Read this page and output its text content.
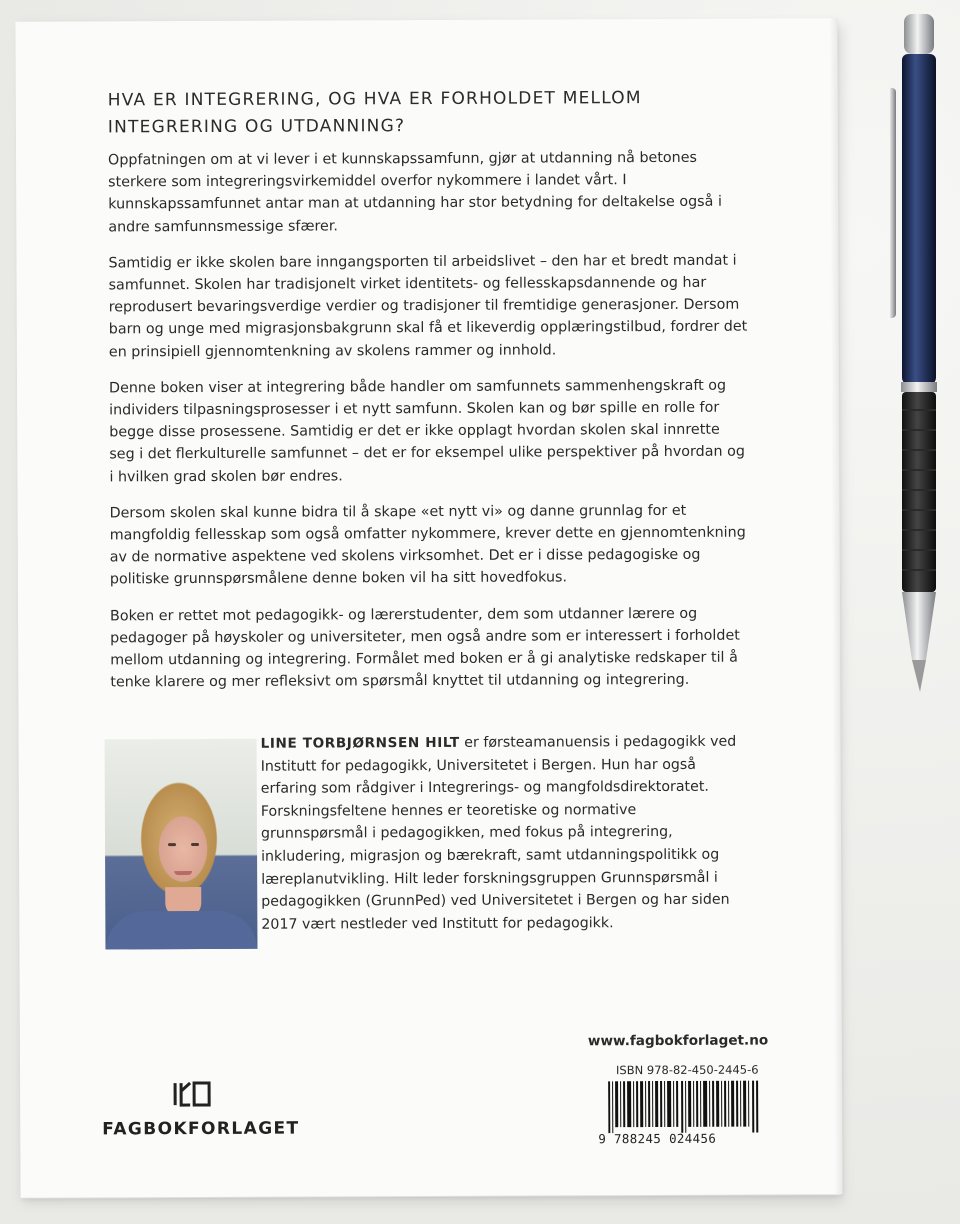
HVA ER INTEGRERING, OG HVA ER FORHOLDET MELLOM INTEGRERING OG UTDANNING?

Oppfatningen om at vi lever i et kunnskapssamfunn, gjør at utdanning nå betones sterkere som integreringsvirkemiddel overfor nykommere i landet vårt. I kunnskapssamfunnet antar man at utdanning har stor betydning for deltakelse også i andre samfunnsmessige sfærer.

Samtidig er ikke skolen bare inngangsporten til arbeidslivet – den har et bredt mandat i samfunnet. Skolen har tradisjonelt virket identitets- og fellesskapsdannende og har reprodusert bevaringsverdige verdier og tradisjoner til fremtidige generasjoner. Dersom barn og unge med migrasjonsbakgrunn skal få et likeverdig opplæringstilbud, fordrer det en prinsipiell gjennomtenkning av skolens rammer og innhold.

Denne boken viser at integrering både handler om samfunnets sammenhengskraft og individers tilpasningsprosesser i et nytt samfunn. Skolen kan og bør spille en rolle for begge disse prosessene. Samtidig er det er ikke opplagt hvordan skolen skal innrette seg i det flerkulturelle samfunnet – det er for eksempel ulike perspektiver på hvordan og i hvilken grad skolen bør endres.

Dersom skolen skal kunne bidra til å skape «et nytt vi» og danne grunnlag for et mangfoldig fellesskap som også omfatter nykommere, krever dette en gjennomtenkning av de normative aspektene ved skolens virksomhet. Det er i disse pedagogiske og politiske grunnspørsmålene denne boken vil ha sitt hovedfokus.

Boken er rettet mot pedagogikk- og lærerstudenter, dem som utdanner lærere og pedagoger på høyskoler og universiteter, men også andre som er interessert i forholdet mellom utdanning og integrering. Formålet med boken er å gi analytiske redskaper til å tenke klarere og mer refleksivt om spørsmål knyttet til utdanning og integrering.

LINE TORBJØRNSEN HILT er førsteamanuensis i pedagogikk ved Institutt for pedagogikk, Universitetet i Bergen. Hun har også erfaring som rådgiver i Integrerings- og mangfoldsdirektoratet. Forskningsfeltene hennes er teoretiske og normative grunnspørsmål i pedagogikken, med fokus på integrering, inkludering, migrasjon og bærekraft, samt utdanningspolitikk og læreplanutvikling. Hilt leder forskningsgruppen Grunnspørsmål i pedagogikken (GrunnPed) ved Universitetet i Bergen og har siden 2017 vært nestleder ved Institutt for pedagogikk.
www.fagbokforlaget.no
ISBN 978-82-450-2445-6
9 788245 024456
FAGBOKFORLAGET
